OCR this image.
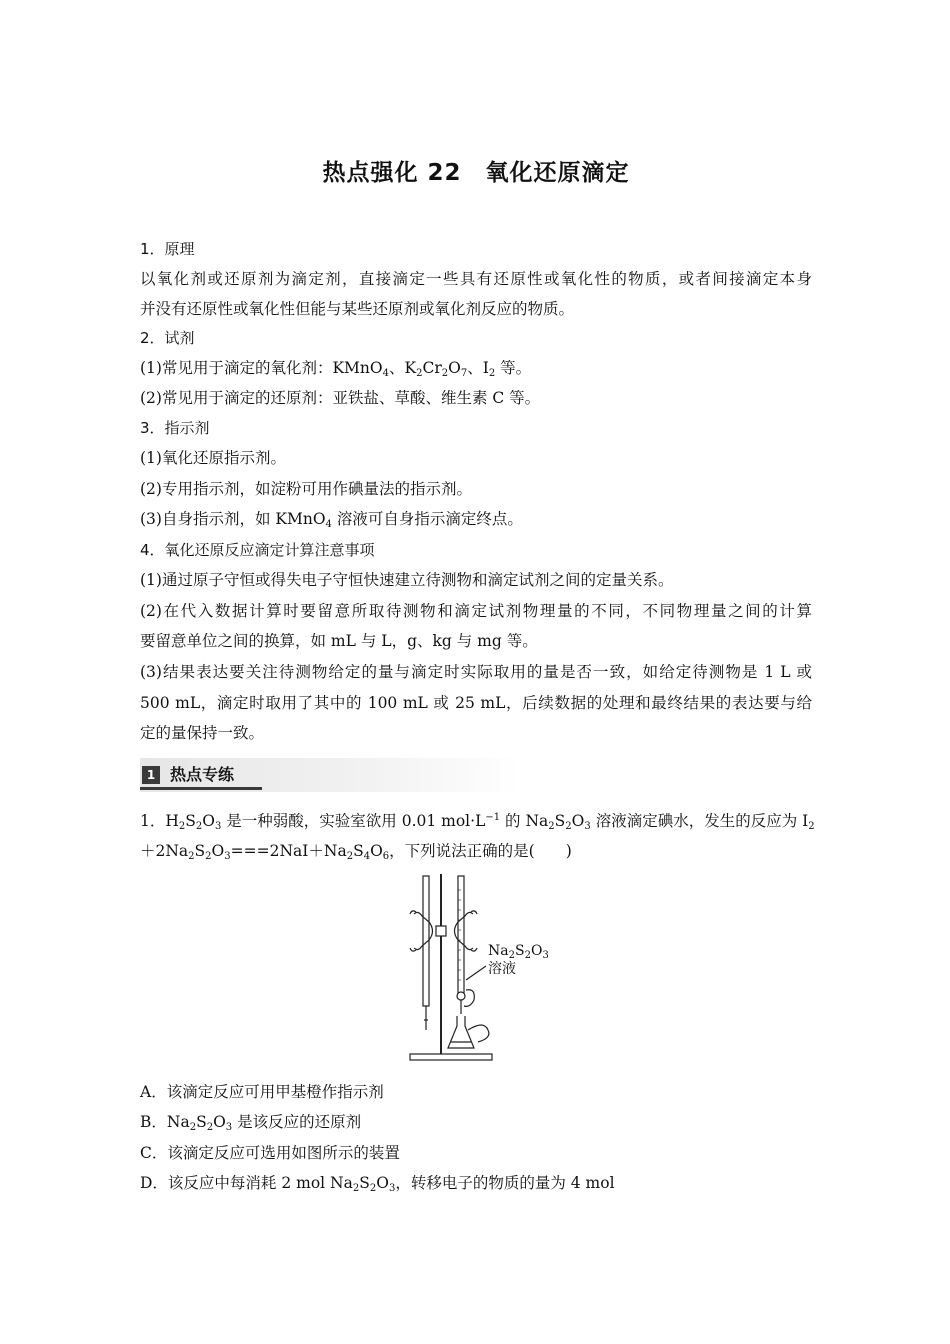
热点强化 22　氧化还原滴定
1．原理
以氧化剂或还原剂为滴定剂，直接滴定一些具有还原性或氧化性的物质，或者间接滴定本身
并没有还原性或氧化性但能与某些还原剂或氧化剂反应的物质。
2．试剂
(1)常见用于滴定的氧化剂：KMnO$_4$、$K_2Cr_2O_7$、$I_2$ 等。
(2)常见用于滴定的还原剂：亚铁盐、草酸、维生素 C 等。
3．指示剂
(1)氧化还原指示剂。
(2)专用指示剂，如淀粉可用作碘量法的指示剂。
(3)自身指示剂，如 KMnO$_4$ 溶液可自身指示滴定终点。
4．氧化还原反应滴定计算注意事项
(1)通过原子守恒或得失电子守恒快速建立待测物和滴定试剂之间的定量关系。
(2)在代入数据计算时要留意所取待测物和滴定试剂物理量的不同，不同物理量之间的计算
要留意单位之间的换算，如 mL 与 L，g、kg 与 mg 等。
(3)结果表达要关注待测物给定的量与滴定时实际取用的量是否一致，如给定待测物是 1 L 或
500 mL，滴定时取用了其中的 100 mL 或 25 mL，后续数据的处理和最终结果的表达要与给
定的量保持一致。
1 热点专练
1．$H_2S_2O_3$ 是一种弱酸，实验室欲用 0.01 $mol\cdot L^{-1}$ 的 $Na_2S_2O_3$ 溶液滴定碘水，发生的反应为 $I_2$
$+2Na_2S_2O_3===2NaI+Na_2S_4O_6$，下列说法正确的是(　　)
A．该滴定反应可用甲基橙作指示剂
B．$Na_2S_2O_3$ 是该反应的还原剂
C．该滴定反应可选用如图所示的装置
D．该反应中每消耗 2 mol $Na_2S_2O_3$，转移电子的物质的量为 4 mol
$Na_2S_2O_3$
溶液
